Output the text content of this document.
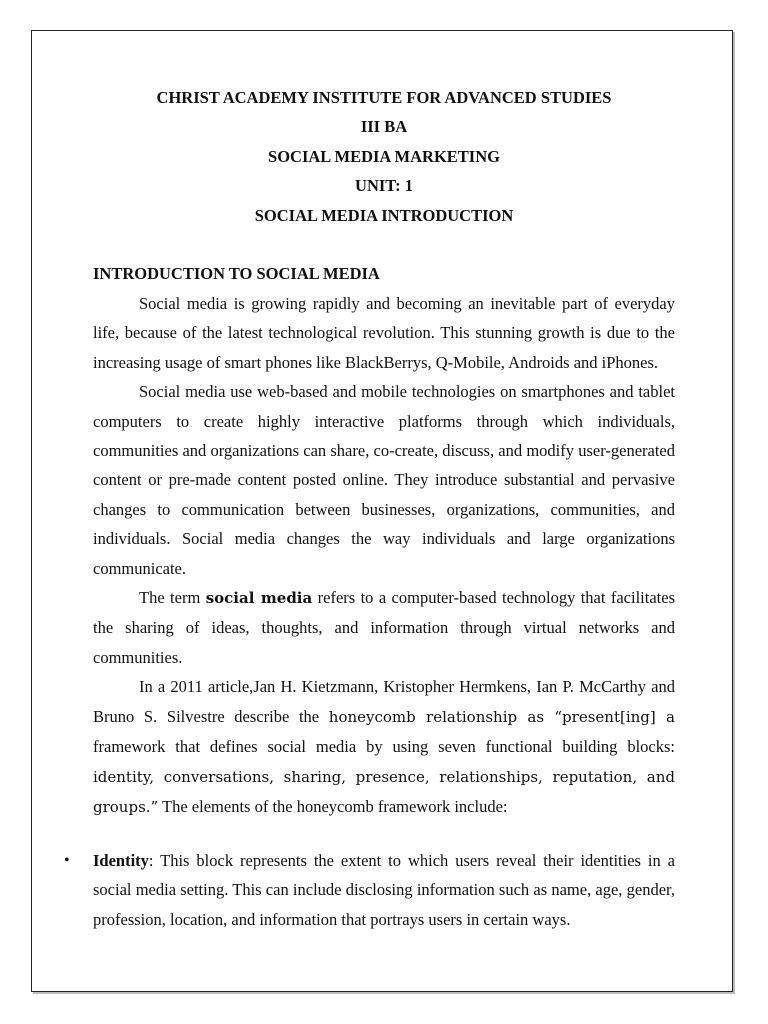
CHRIST ACADEMY INSTITUTE FOR ADVANCED STUDIES
III BA
SOCIAL MEDIA MARKETING
UNIT: 1
SOCIAL MEDIA INTRODUCTION
INTRODUCTION TO SOCIAL MEDIA

Social media is growing rapidly and becoming an inevitable part of everyday life, because of the latest technological revolution. This stunning growth is due to the increasing usage of smart phones like BlackBerrys, Q-Mobile, Androids and iPhones.

Social media use web-based and mobile technologies on smartphones and tablet computers to create highly interactive platforms through which individuals, communities and organizations can share, co-create, discuss, and modify user-generated content or pre-made content posted online. They introduce substantial and pervasive changes to communication between businesses, organizations, communities, and individuals. Social media changes the way individuals and large organizations communicate.

The term social media refers to a computer-based technology that facilitates the sharing of ideas, thoughts, and information through virtual networks and communities.

In a 2011 article,Jan H. Kietzmann, Kristopher Hermkens, Ian P. McCarthy and Bruno S. Silvestre describe the honeycomb relationship as “present[ing] a framework that defines social media by using seven functional building blocks: identity, conversations, sharing, presence, relationships, reputation, and groups.” The elements of the honeycomb framework include:

• Identity: This block represents the extent to which users reveal their identities in a social media setting. This can include disclosing information such as name, age, gender, profession, location, and information that portrays users in certain ways.
